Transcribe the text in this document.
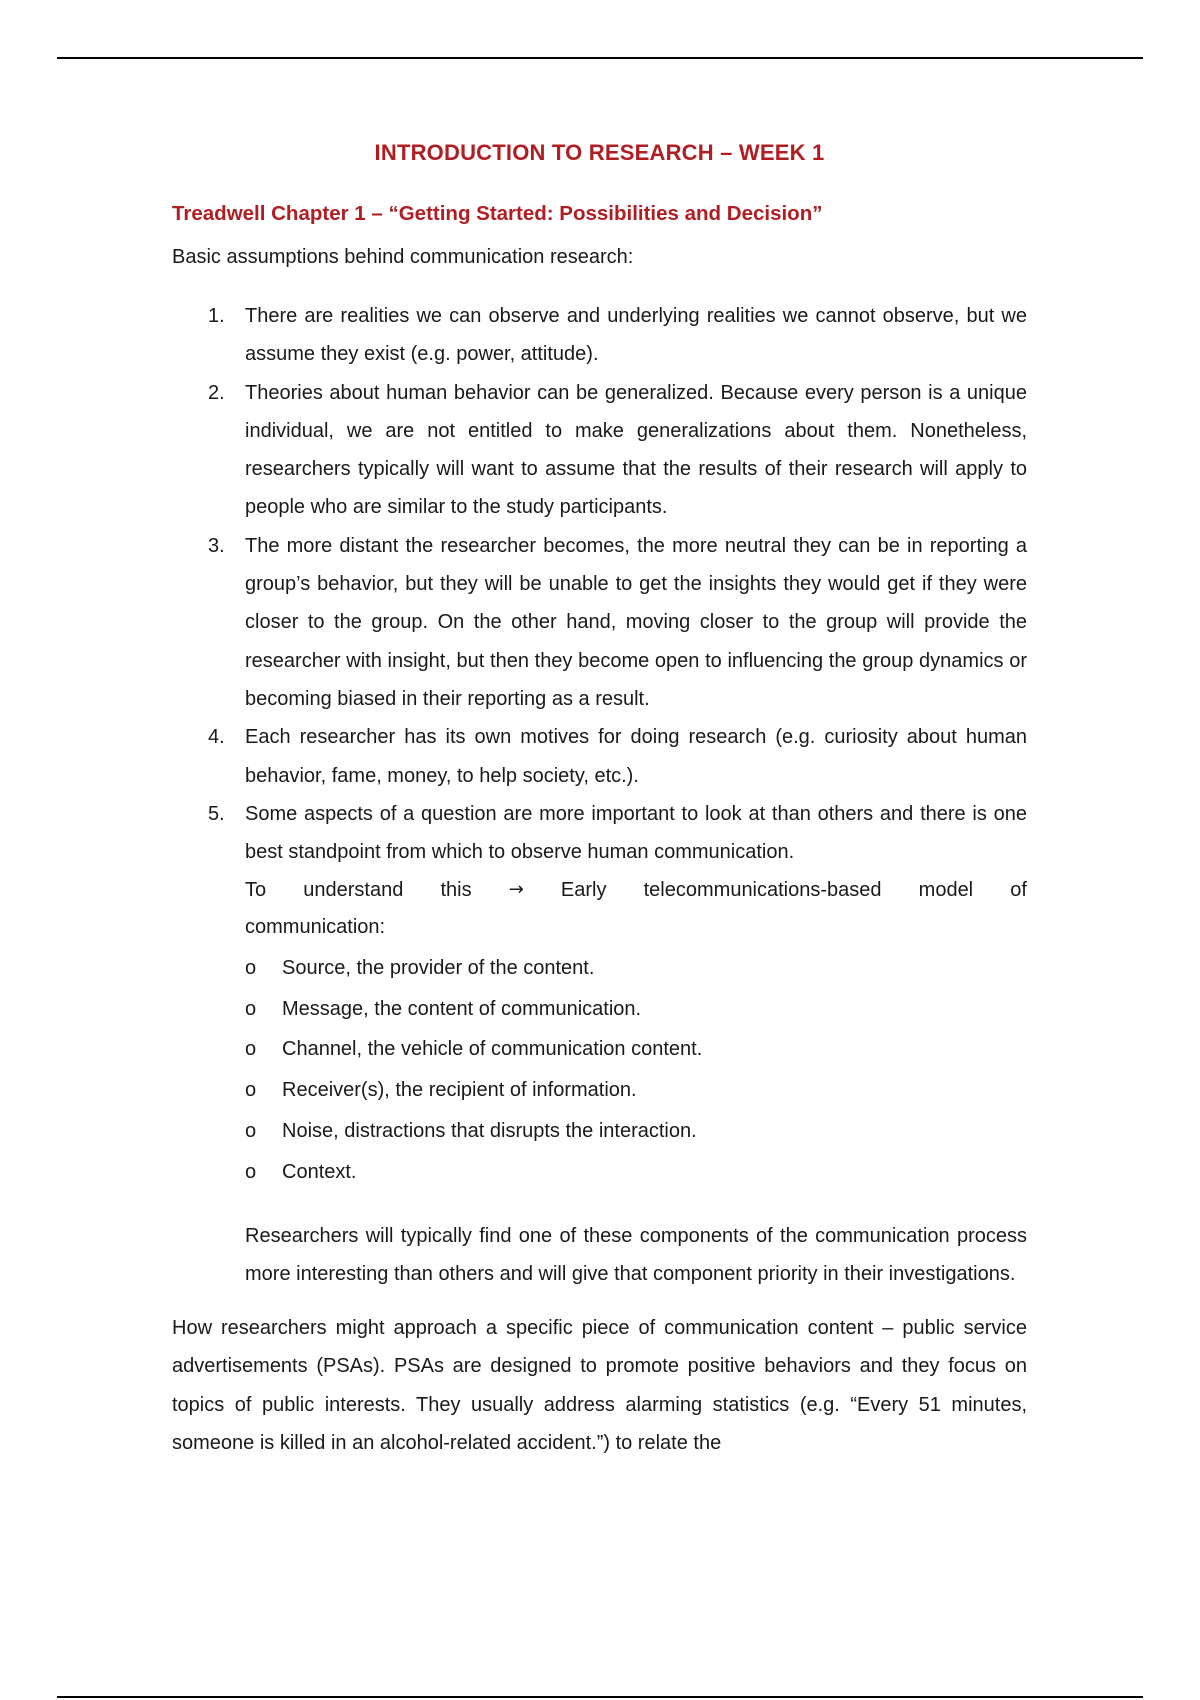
INTRODUCTION TO RESEARCH – WEEK 1
Treadwell Chapter 1 – “Getting Started: Possibilities and Decision”

Basic assumptions behind communication research:

1. There are realities we can observe and underlying realities we cannot observe, but we assume they exist (e.g. power, attitude).
2. Theories about human behavior can be generalized. Because every person is a unique individual, we are not entitled to make generalizations about them. Nonetheless, researchers typically will want to assume that the results of their research will apply to people who are similar to the study participants.
3. The more distant the researcher becomes, the more neutral they can be in reporting a group’s behavior, but they will be unable to get the insights they would get if they were closer to the group. On the other hand, moving closer to the group will provide the researcher with insight, but then they become open to influencing the group dynamics or becoming biased in their reporting as a result.
4. Each researcher has its own motives for doing research (e.g. curiosity about human behavior, fame, money, to help society, etc.).
5. Some aspects of a question are more important to look at than others and there is one best standpoint from which to observe human communication.
To understand this → Early telecommunications-based model of
communication:
o	Source, the provider of the content.
o	Message, the content of communication.
o	Channel, the vehicle of communication content.
o	Receiver(s), the recipient of information.
o	Noise, distractions that disrupts the interaction.
o	Context.

Researchers will typically find one of these components of the communication process more interesting than others and will give that component priority in their investigations.

How researchers might approach a specific piece of communication content – public service advertisements (PSAs). PSAs are designed to promote positive behaviors and they focus on topics of public interests. They usually address alarming statistics (e.g. “Every 51 minutes, someone is killed in an alcohol-related accident.”) to relate the
